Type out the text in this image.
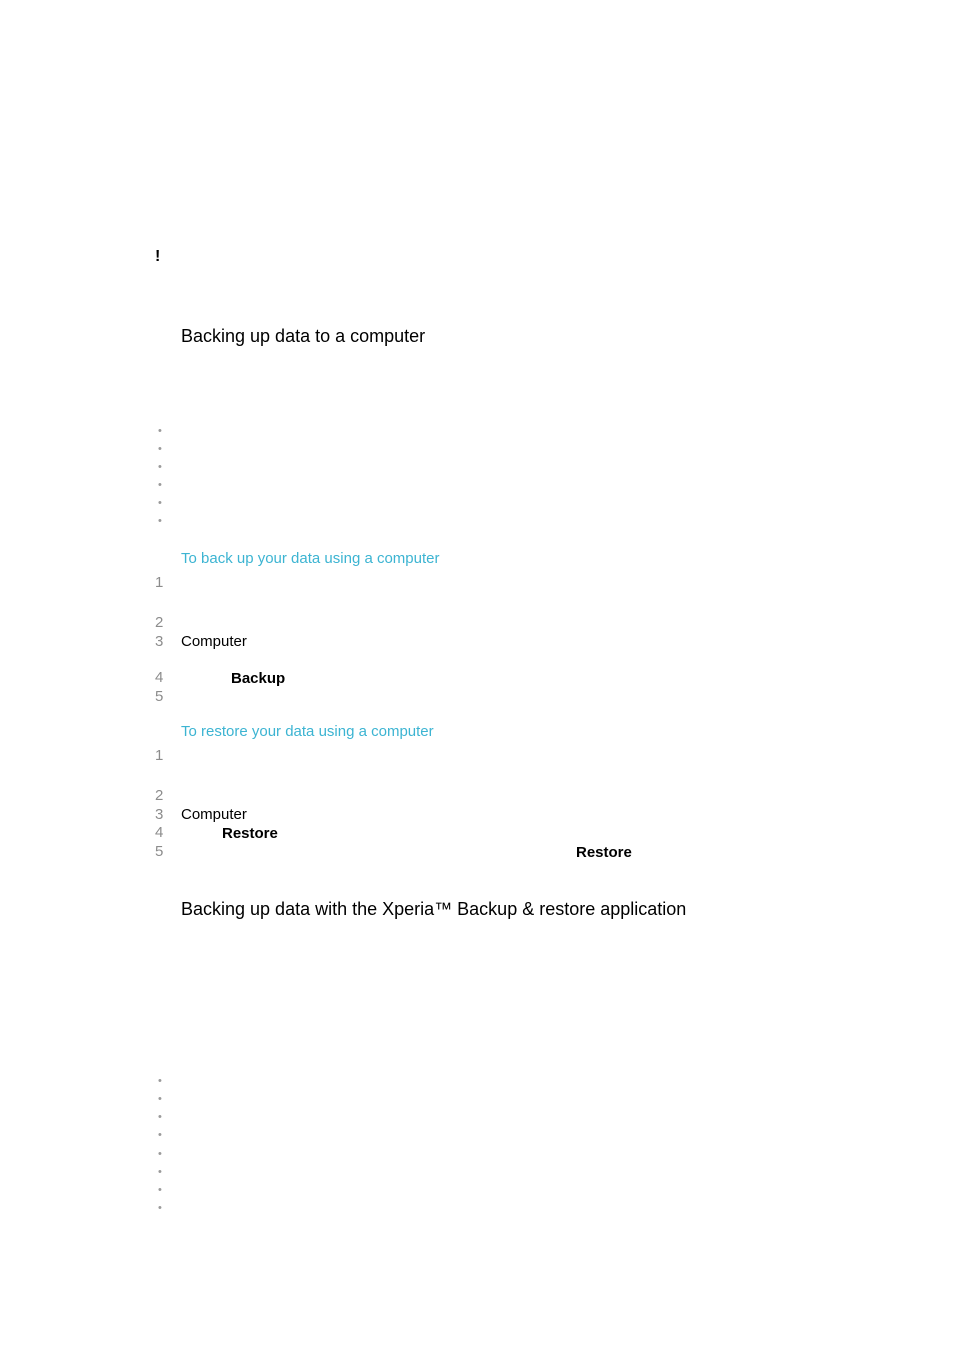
!
Backing up data to a computer
•
•
•
•
•
•
To back up your data using a computer
1
2
3 Computer
4	Backup
5
To restore your data using a computer
1
2
3 Computer
4	Restore
5	Restore
Backing up data with the Xperia™ Backup & restore application
•
•
•
•
•
•
•
•
